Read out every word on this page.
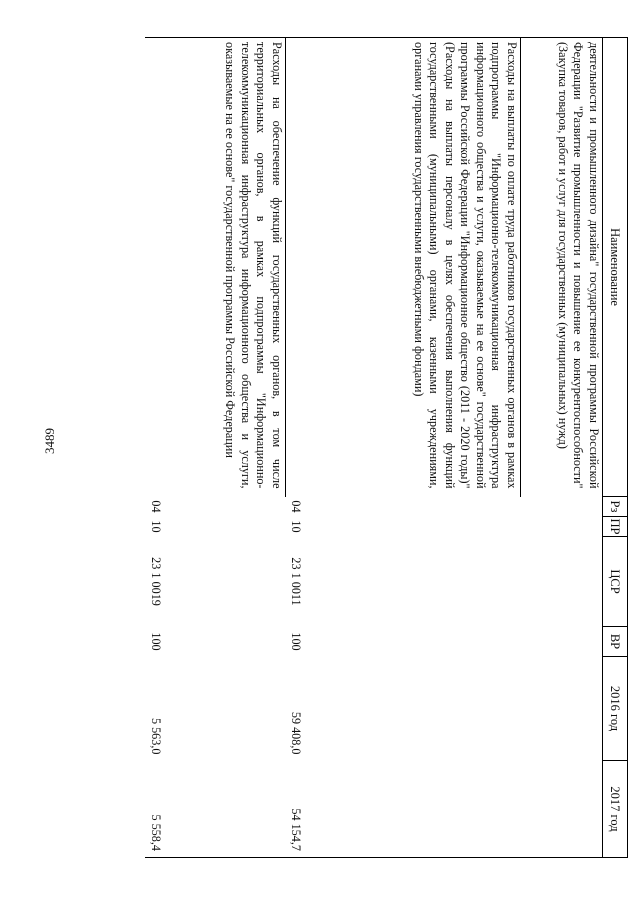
3489
Наименование	Рз	ПР	ЦСР	ВР	2016 год	2017 год

деятельности и промышленного дизайна" государственной программы Российской Федерации "Развитие промышленности и повышение ее конкурентоспособности" (Закупка товаров, работ и услуг для государственных (муниципальных) нужд)						

Расходы на выплаты по оплате труда работников государственных органов в рамках подпрограммы "Информационно-телекоммуникационная инфраструктура информационного общества и услуги, оказываемые на ее основе" государственной программы Российской Федерации "Информационное общество (2011 - 2020 годы)" (Расходы на выплаты персоналу в целях обеспечения выполнения функций государственными (муниципальными) органами, казенными учреждениями, органами управления государственными внебюджетными фондами)	04	10	23 1 0011	100	59 408,0	54 154,7

Расходы на обеспечение функций государственных органов, в том числе территориальных органов, в рамках подпрограммы "Информационно-телекоммуникационная инфраструктура информационного общества и услуги, оказываемые на ее основе" государственной программы Российской Федерации	04	10	23 1 0019	100	5 563,0	5 558,4
